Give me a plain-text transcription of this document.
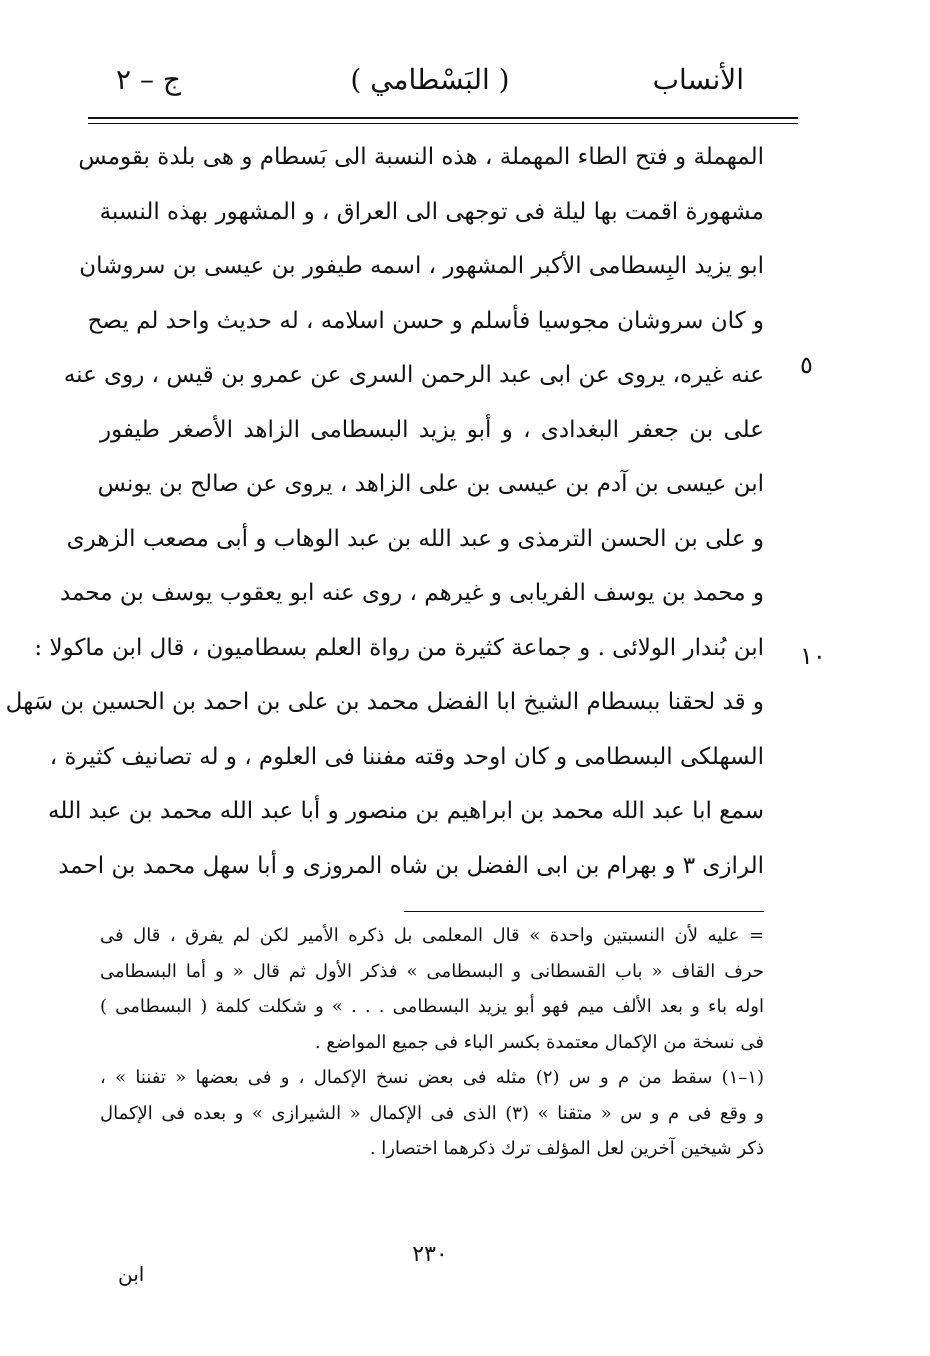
الأنساب
( البَسْطامي )
ج – ٢
المهملة و فتح الطاء المهملة ، هذه النسبة الى بَسطام و هى بلدة بقومس
مشهورة اقمت بها ليلة فى توجهى الى العراق ، و المشهور بهذه النسبة
ابو يزيد البِسطامى الأكبر المشهور ، اسمه طيفور بن عيسى بن سروشان
و كان سروشان مجوسيا فأسلم و حسن اسلامه ، له حديث واحد لم يصح
عنه غيره، يروى عن ابى عبد الرحمن السرى عن عمرو بن قيس ، روى عنه
على بن جعفر البغدادى ، و أبو يزيد البسطامى الزاهد الأصغر طيفور
ابن عيسى بن آدم بن عيسى بن على الزاهد ، يروى عن صالح بن يونس
و على بن الحسن الترمذى و عبد الله بن عبد الوهاب و أبى مصعب الزهرى
و محمد بن يوسف الفريابى و غيرهم ، روى عنه ابو يعقوب يوسف بن محمد
ابن بُندار الولائى . و جماعة كثيرة من رواة العلم بسطاميون ، قال ابن ماكولا :
و قد لحقنا ببسطام الشيخ ابا الفضل محمد بن على بن احمد بن الحسين بن سَهل
السهلكى البسطامى و كان اوحد وقته مفننا فى العلوم ، و له تصانيف كثيرة ،
سمع ابا عبد الله محمد بن ابراهيم بن منصور و أبا عبد الله محمد بن عبد الله
الرازى ٣ و بهرام بن ابى الفضل بن شاه المروزى و أبا سهل محمد بن احمد
٥
١٠
= عليه لأن النسبتين واحدة » قال المعلمى بل ذكره الأمير لكن لم يفرق ، قال فى
حرف القاف « باب القسطانى و البسطامى » فذكر الأول ثم قال « و أما البسطامى
اوله باء و بعد الألف ميم فهو أبو يزيد البسطامى . . . » و شكلت كلمة ( البسطامى )
فى نسخة من الإكمال معتمدة بكسر الباء فى جميع المواضع .
(١–١) سقط من م و س (٢) مثله فى بعض نسخ الإكمال ، و فى بعضها « تفننا » ،
و وقع فى م و س « متقنا » (٣) الذى فى الإكمال « الشيرازى » و بعده فى الإكمال
ذكر شيخين آخرين لعل المؤلف ترك ذكرهما اختصارا .
٢٣٠
ابن
